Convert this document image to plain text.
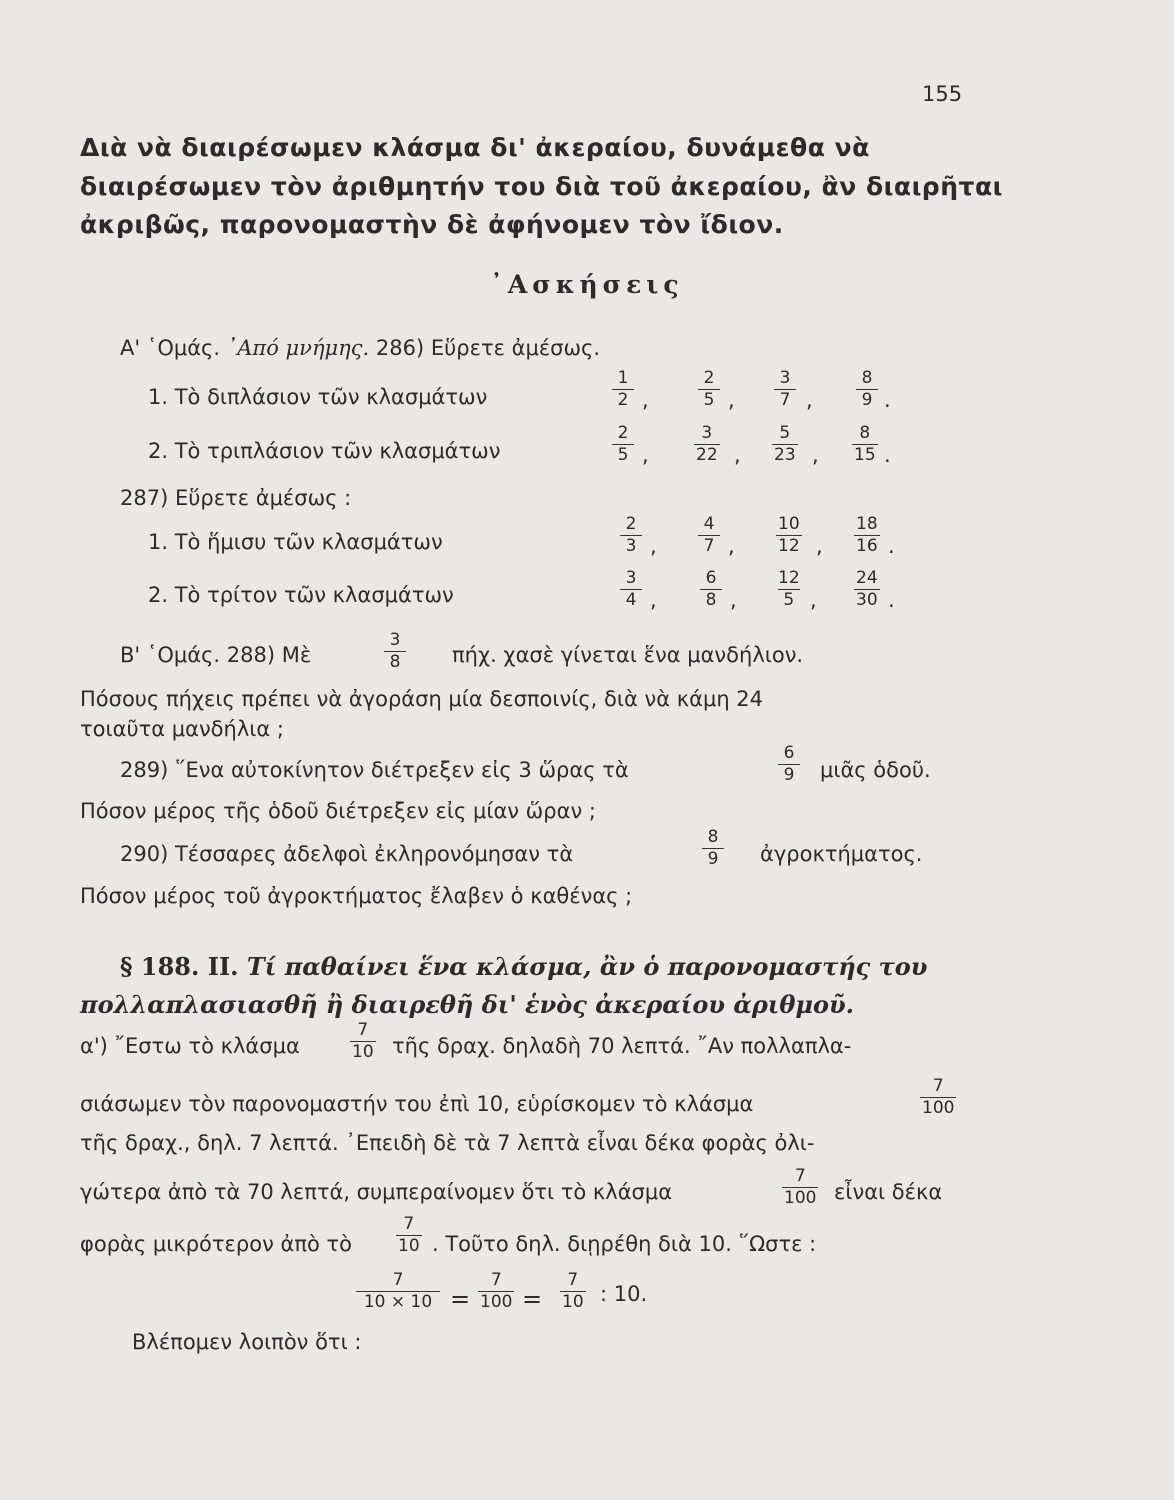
155
Διὰ νὰ διαιρέσωμεν κλάσμα δι' ἀκεραίου, δυνάμεθα νὰ
διαιρέσωμεν τὸν ἀριθμητήν του διὰ τοῦ ἀκεραίου, ἂν διαιρῆται
ἀκριβῶς, παρονομαστὴν δὲ ἀφήνομεν τὸν ἴδιον.
᾿Ασκήσεις
Α' ῾Ομάς. ᾿Από μνήμης. 286) Εὕρετε ἀμέσως.
1. Τὸ διπλάσιον τῶν κλασμάτων	$\frac{1}{2}$ ,	$\frac{2}{5}$ , $\frac{3}{7}$ ,	$\frac{8}{9}$ .
2. Τὸ τριπλάσιον τῶν κλασμάτων	$\frac{2}{5}$ ,	$\frac{3}{22}$ , $\frac{5}{23}$ , $\frac{8}{15}$ .
287) Εὕρετε ἀμέσως :
1. Τὸ ἥμισυ τῶν κλασμάτων	$\frac{2}{3}$ , $\frac{4}{7}$ , $\frac{10}{12}$ , $\frac{18}{16}$ .
2. Τὸ τρίτον τῶν κλασμάτων	$\frac{3}{4}$ ,	$\frac{6}{8}$ , $\frac{12}{5}$ , $\frac{24}{30}$ .
Β' ῾Ομάς. 288) Μὲ	$\frac{3}{8} \pi ή\chi$. χασὲ γίνεται ἕνα μανδήλιον.
Πόσους πήχεις πρέπει νὰ ἀγοράση μία δεσποινίς, διὰ νὰ κάμη 24
τοιαῦτα μανδήλια ;
289) ῞Ενα αὐτοκίνητον διέτρεξεν εἰς 3 ὥρας τὰ	$\frac{6}{9}$ μιᾶς ὁδοῦ.
Πόσον μέρος τῆς ὁδοῦ διέτρεξεν εἰς μίαν ὥραν ;
290) Τέσσαρες ἀδελφοὶ ἐκληρονόμησαν τὰ	$\frac{8}{9}$ ἀγροκτήματος.
Πόσον μέρος τοῦ ἀγροκτήματος ἔλαβεν ὁ καθένας ;
§ 188. ΙΙ. Τί παθαίνει ἕνα κλάσμα, ἂν ὁ παρονομαστής του
πολλαπλασιασθῆ ἢ διαιρεθῆ δι' ἑνὸς ἀκεραίου ἀριθμοῦ.
α') ῎Εστω τὸ κλάσμα	$\frac{7}{10}$ τῆς δραχ. δηλαδὴ 70 λεπτά. ῎Αν πολλαπλα-
σιάσωμεν τὸν παρονομαστήν του ἐπὶ 10, εὑρίσκομεν τὸ κλάσμα	$\frac{7}{100}$
τῆς δραχ., δηλ. 7 λεπτά. ᾿Επειδὴ δὲ τὰ 7 λεπτὰ εἶναι δέκα φορὰς ὀλι-
γώτερα ἀπὸ τὰ 70 λεπτά, συμπεραίνομεν ὅτι τὸ κλάσμα	$\frac{7}{100}$ εἶναι δέκα
φορὰς μικρότερον ἀπὸ τὸ	$\frac{7}{10}$ . Τοῦτο δηλ. διῃρέθη διὰ 10. ῞Ωστε :
$\frac{7}{10 \times 10} = \frac{7}{100} = \frac{7}{10}$ : 10.
Βλέπομεν λοιπὸν ὅτι :
